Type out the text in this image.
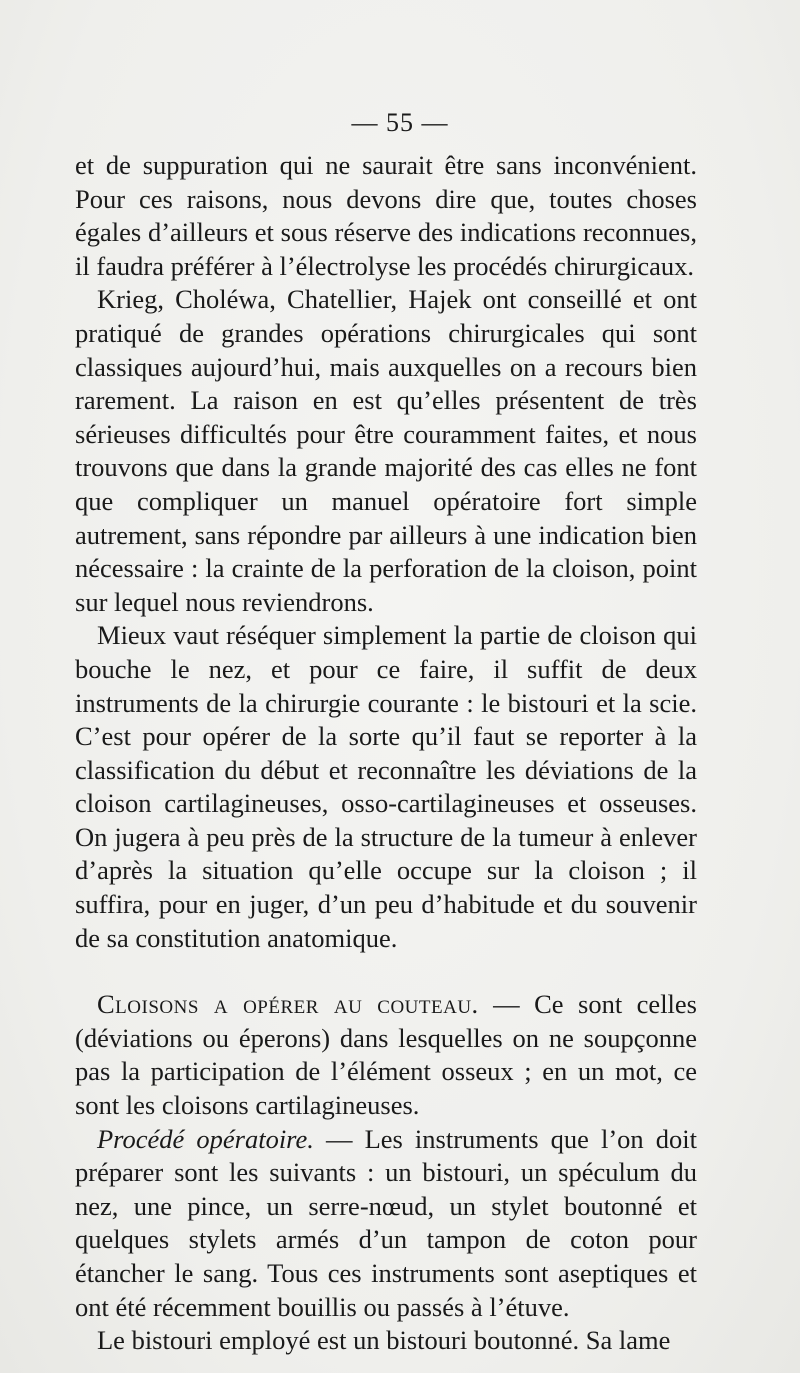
— 55 —

et de suppuration qui ne saurait être sans inconvénient. Pour ces raisons, nous devons dire que, toutes choses égales d’ailleurs et sous réserve des indications reconnues, il faudra préférer à l’électrolyse les procédés chirurgicaux.

Krieg, Choléwa, Chatellier, Hajek ont conseillé et ont pratiqué de grandes opérations chirurgicales qui sont classiques aujourd’hui, mais auxquelles on a recours bien rarement. La raison en est qu’elles présentent de très sérieuses difficultés pour être couramment faites, et nous trouvons que dans la grande majorité des cas elles ne font que compliquer un manuel opératoire fort simple autrement, sans répondre par ailleurs à une indication bien nécessaire : la crainte de la perforation de la cloison, point sur lequel nous reviendrons.

Mieux vaut réséquer simplement la partie de cloison qui bouche le nez, et pour ce faire, il suffit de deux instruments de la chirurgie courante : le bistouri et la scie. C’est pour opérer de la sorte qu’il faut se reporter à la classification du début et reconnaître les déviations de la cloison cartilagineuses, osso-cartilagineuses et osseuses. On jugera à peu près de la structure de la tumeur à enlever d’après la situation qu’elle occupe sur la cloison ; il suffira, pour en juger, d’un peu d’habitude et du souvenir de sa constitution anatomique.

Cloisons a opérer au couteau. — Ce sont celles (déviations ou éperons) dans lesquelles on ne soupçonne pas la participation de l’élément osseux ; en un mot, ce sont les cloisons cartilagineuses.

Procédé opératoire. — Les instruments que l’on doit préparer sont les suivants : un bistouri, un spéculum du nez, une pince, un serre-nœud, un stylet boutonné et quelques stylets armés d’un tampon de coton pour étancher le sang. Tous ces instruments sont aseptiques et ont été récemment bouillis ou passés à l’étuve.

Le bistouri employé est un bistouri boutonné. Sa lame
